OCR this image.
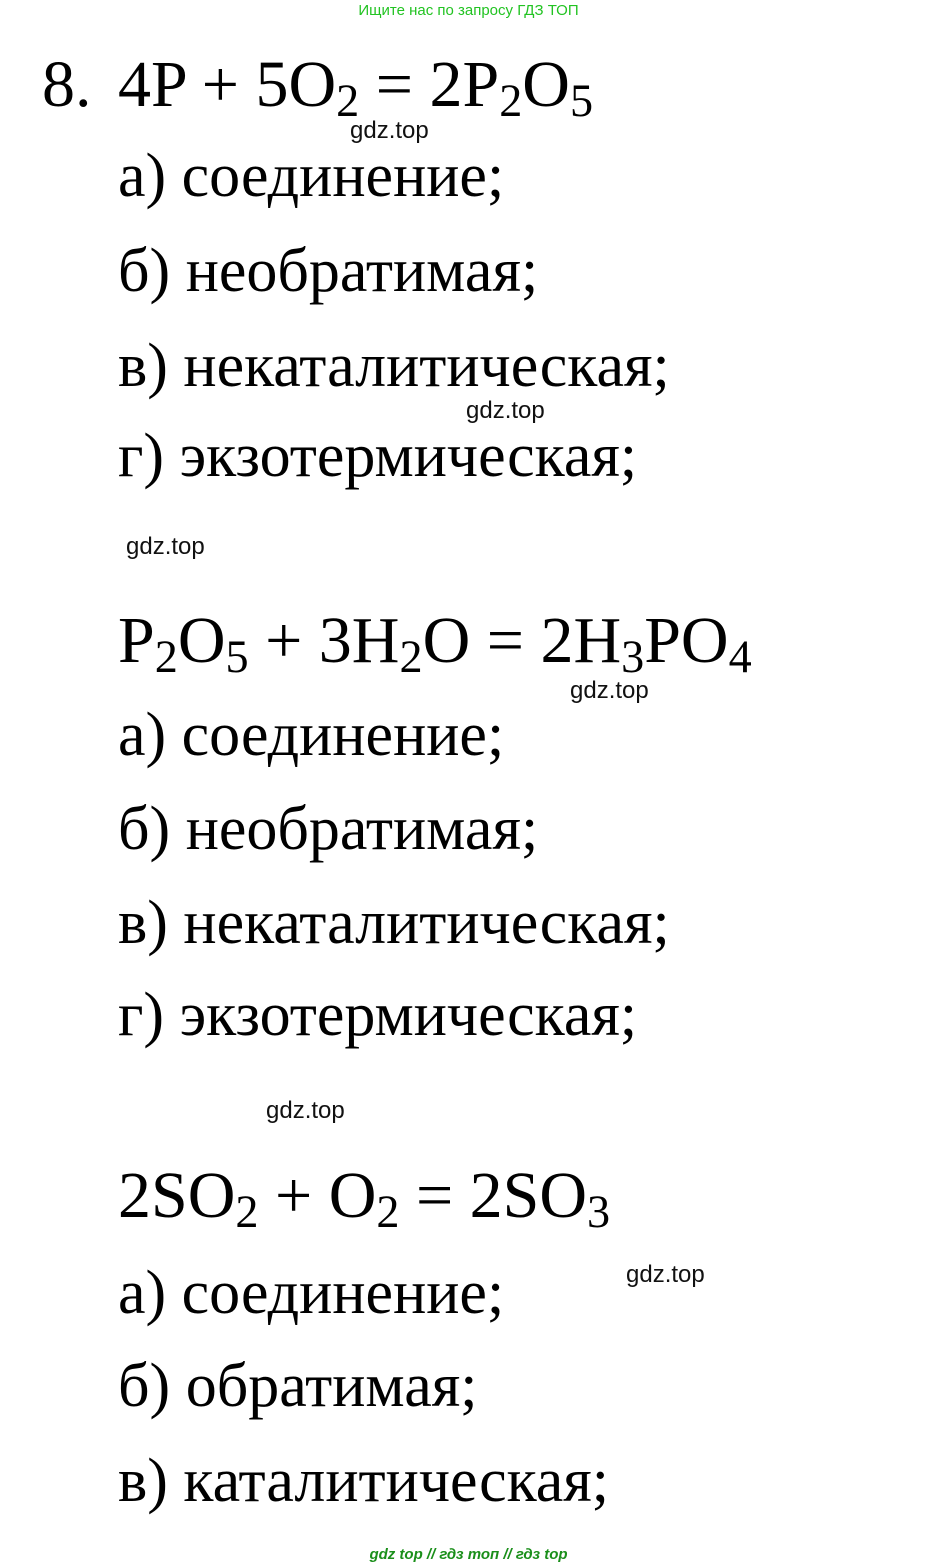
Ищите нас по запросу ГДЗ ТОП
8. $4P + 5O_2 = 2P_2O_5$
gdz.top
а) соединение;
б) необратимая;
в) некаталитическая;
gdz.top
г) экзотермическая;
gdz.top
$P_2O_5 + 3H_2O = 2H_3PO_4$
gdz.top
а) соединение;
б) необратимая;
в) некаталитическая;
г) экзотермическая;
gdz.top
$2SO_2 + O_2 = 2SO_3$
gdz.top
а) соединение;
б) обратимая;
в) каталитическая;
gdz top // гдз топ // гдз top
